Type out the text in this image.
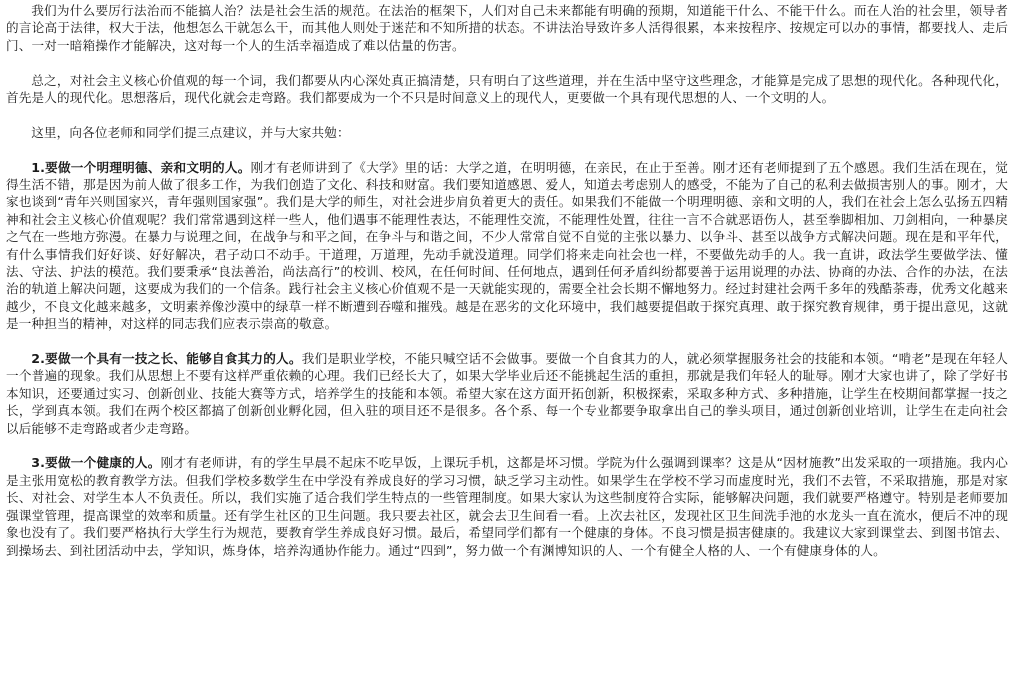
我们为什么要厉行法治而不能搞人治？法是社会生活的规范。在法治的框架下，人们对自己未来都能有明确的预期，知道能干什么、不能干什么。而在人治的社会里，领导者的言论高于法律，权大于法，他想怎么干就怎么干，而其他人则处于迷茫和不知所措的状态。不讲法治导致许多人活得很累，本来按程序、按规定可以办的事情，都要找人、走后门、一对一暗箱操作才能解决，这对每一个人的生活幸福造成了难以估量的伤害。

总之，对社会主义核心价值观的每一个词，我们都要从内心深处真正搞清楚，只有明白了这些道理，并在生活中坚守这些理念，才能算是完成了思想的现代化。各种现代化，首先是人的现代化。思想落后，现代化就会走弯路。我们都要成为一个不只是时间意义上的现代人，更要做一个具有现代思想的人、一个文明的人。

这里，向各位老师和同学们提三点建议，并与大家共勉：

1.要做一个明理明德、亲和文明的人。刚才有老师讲到了《大学》里的话：大学之道，在明明德，在亲民，在止于至善。刚才还有老师提到了五个感恩。我们生活在现在，觉得生活不错，那是因为前人做了很多工作，为我们创造了文化、科技和财富。我们要知道感恩、爱人，知道去考虑别人的感受，不能为了自己的私利去做损害别人的事。刚才，大家也谈到“青年兴则国家兴，青年强则国家强”。我们是大学的师生，对社会进步肩负着更大的责任。如果我们不能做一个明理明德、亲和文明的人，我们在社会上怎么弘扬五四精神和社会主义核心价值观呢？我们常常遇到这样一些人，他们遇事不能理性表达，不能理性交流，不能理性处置，往往一言不合就恶语伤人，甚至拳脚相加、刀剑相向，一种暴戾之气在一些地方弥漫。在暴力与说理之间，在战争与和平之间，在争斗与和谐之间，不少人常常自觉不自觉的主张以暴力、以争斗、甚至以战争方式解决问题。现在是和平年代，有什么事情我们好好谈、好好解决，君子动口不动手。干道理，万道理，先动手就没道理。同学们将来走向社会也一样，不要做先动手的人。我一直讲，政法学生要做学法、懂法、守法、护法的模范。我们要秉承“良法善治，尚法高行”的校训、校风，在任何时间、任何地点，遇到任何矛盾纠纷都要善于运用说理的办法、协商的办法、合作的办法，在法治的轨道上解决问题，这要成为我们的一个信条。践行社会主义核心价值观不是一天就能实现的，需要全社会长期不懈地努力。经过封建社会两千多年的残酷荼毒，优秀文化越来越少，不良文化越来越多，文明素养像沙漠中的绿草一样不断遭到吞噬和摧残。越是在恶劣的文化环境中，我们越要提倡敢于探究真理、敢于探究教育规律，勇于提出意见，这就是一种担当的精神，对这样的同志我们应表示崇高的敬意。

2.要做一个具有一技之长、能够自食其力的人。我们是职业学校，不能只喊空话不会做事。要做一个自食其力的人，就必须掌握服务社会的技能和本领。“啃老”是现在年轻人一个普遍的现象。我们从思想上不要有这样严重依赖的心理。我们已经长大了，如果大学毕业后还不能挑起生活的重担，那就是我们年轻人的耻辱。刚才大家也讲了，除了学好书本知识，还要通过实习、创新创业、技能大赛等方式，培养学生的技能和本领。希望大家在这方面开拓创新，积极探索，采取多种方式、多种措施，让学生在校期间都掌握一技之长，学到真本领。我们在两个校区都搞了创新创业孵化园，但入驻的项目还不是很多。各个系、每一个专业都要争取拿出自己的拳头项目，通过创新创业培训，让学生在走向社会以后能够不走弯路或者少走弯路。

3.要做一个健康的人。刚才有老师讲，有的学生早晨不起床不吃早饭，上课玩手机，这都是坏习惯。学院为什么强调到课率？这是从“因材施教”出发采取的一项措施。我内心是主张用宽松的教育教学方法。但我们学校多数学生在中学没有养成良好的学习习惯，缺乏学习主动性。如果学生在学校不学习而虚度时光，我们不去管，不采取措施，那是对家长、对社会、对学生本人不负责任。所以，我们实施了适合我们学生特点的一些管理制度。如果大家认为这些制度符合实际，能够解决问题，我们就要严格遵守。特别是老师要加强课堂管理，提高课堂的效率和质量。还有学生社区的卫生问题。我只要去社区，就会去卫生间看一看。上次去社区，发现社区卫生间洗手池的水龙头一直在流水，便后不冲的现象也没有了。我们要严格执行大学生行为规范，要教育学生养成良好习惯。最后，希望同学们都有一个健康的身体。不良习惯是损害健康的。我建议大家到课堂去、到图书馆去、到操场去、到社团活动中去，学知识，炼身体，培养沟通协作能力。通过“四到”，努力做一个有渊博知识的人、一个有健全人格的人、一个有健康身体的人。
